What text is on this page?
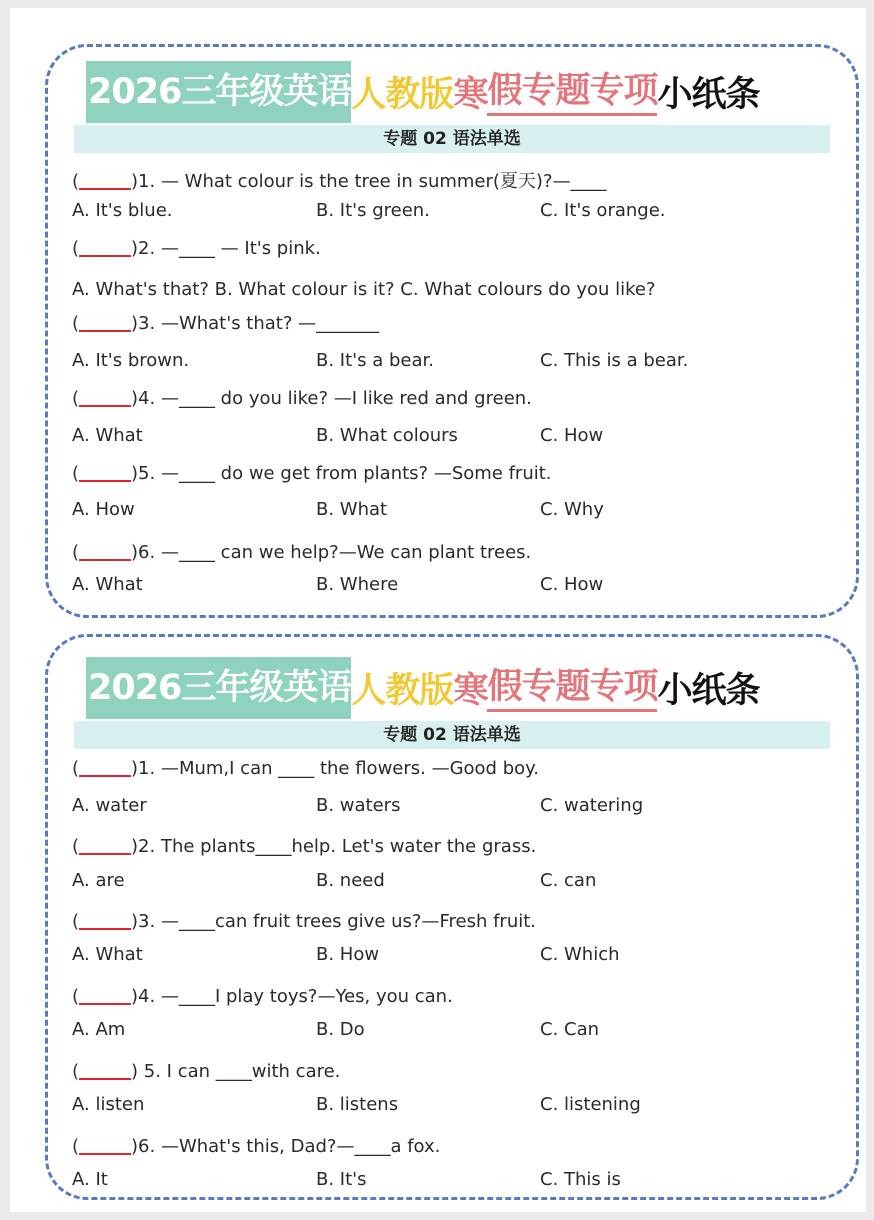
2026三年级英语 人教版 寒 假专题专项 小纸条
专题 02 语法单选
(	)1. — What colour is the tree in summer(夏天)?—____
A. It's blue.	B. It's green.	C. It's orange.
(	)2. —____ — It's pink.
A. What's that? B. What colour is it? C. What colours do you like?
(	)3. —What's that? —_______
A. It's brown.	B. It's a bear.	C. This is a bear.
(	)4. —____ do you like? —I like red and green.
A. What	B. What colours	C. How
(	)5. —____ do we get from plants? —Some fruit.
A. How	B. What	C. Why
(	)6. —____ can we help?—We can plant trees.
A. What	B. Where	C. How
2026三年级英语 人教版 寒 假专题专项 小纸条
专题 02 语法单选
(	)1. —Mum,I can ____ the flowers. —Good boy.
A. water	B. waters	C. watering
(	)2. The plants____help. Let's water the grass.
A. are	B. need	C. can
(	)3. —____can fruit trees give us?—Fresh fruit.
A. What	B. How	C. Which
(	)4. —____I play toys?—Yes, you can.
A. Am	B. Do	C. Can
(	) 5. I can ____with care.
A. listen	B. listens	C. listening
(	)6. —What's this, Dad?—____a fox.
A. It	B. It's	C. This is
